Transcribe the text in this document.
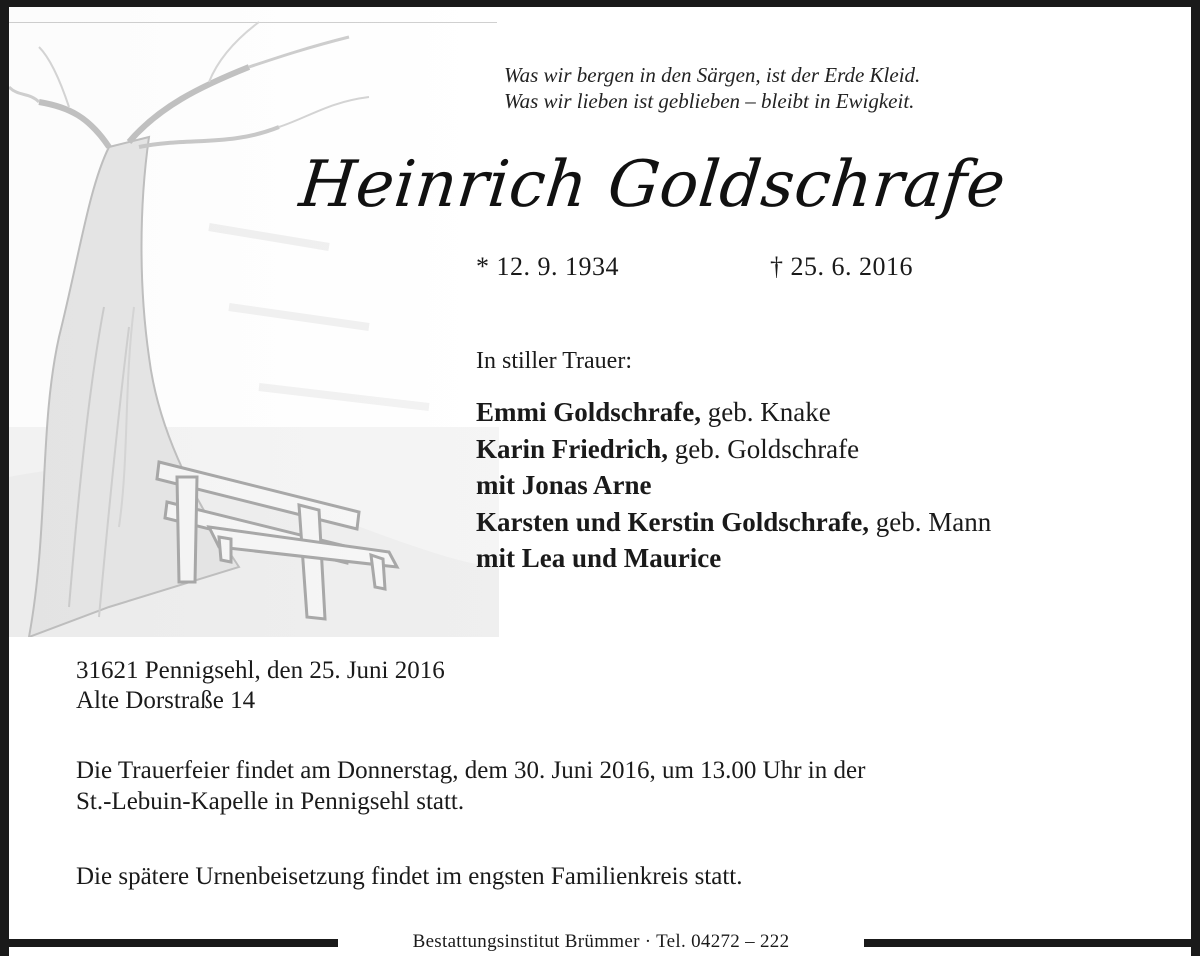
Was wir bergen in den Särgen, ist der Erde Kleid.
Was wir lieben ist geblieben – bleibt in Ewigkeit.
Heinrich Goldschrafe
* 12. 9. 1934	† 25. 6. 2016
In stiller Trauer:
Emmi Goldschrafe, geb. Knake
Karin Friedrich, geb. Goldschrafe
mit Jonas Arne
Karsten und Kerstin Goldschrafe, geb. Mann
mit Lea und Maurice
31621 Pennigsehl, den 25. Juni 2016
Alte Dorstraße 14
Die Trauerfeier findet am Donnerstag, dem 30. Juni 2016, um 13.00 Uhr in der
St.-Lebuin-Kapelle in Pennigsehl statt.
Die spätere Urnenbeisetzung findet im engsten Familienkreis statt.
Bestattungsinstitut Brümmer · Tel. 04272 – 222
